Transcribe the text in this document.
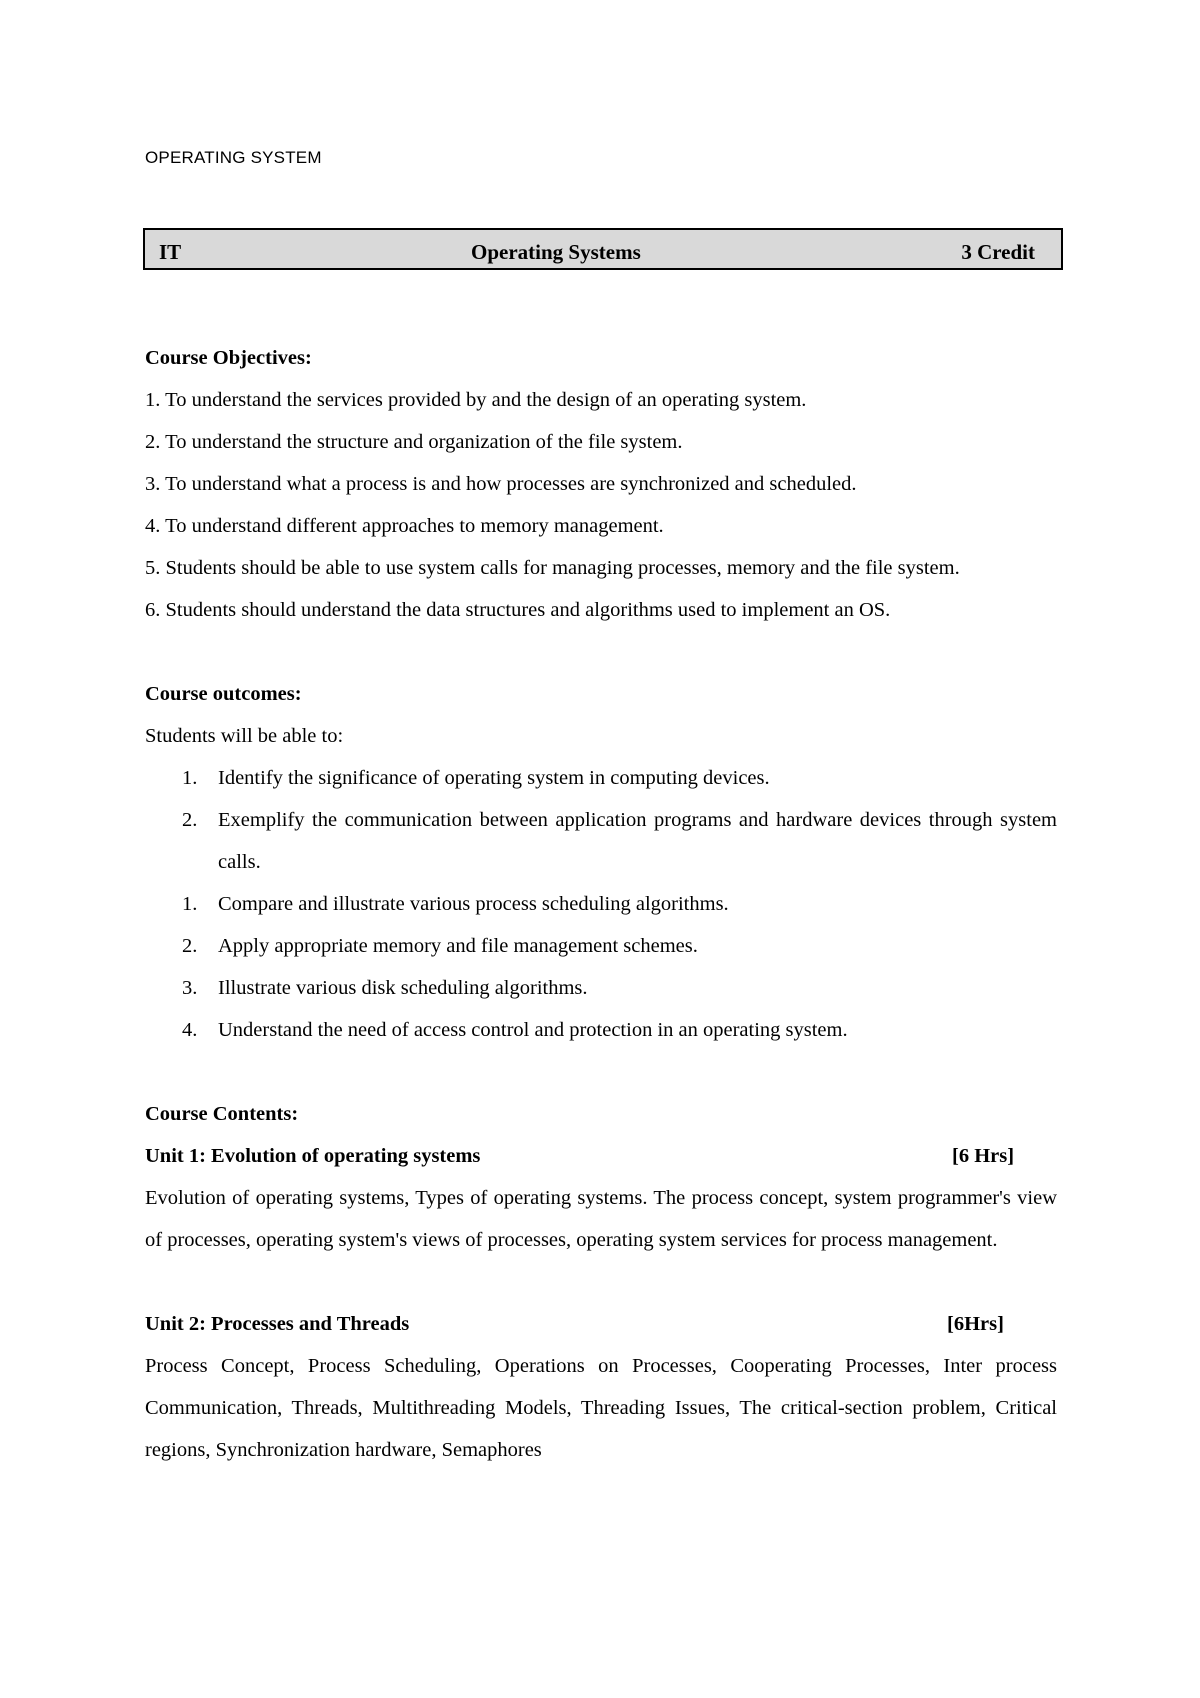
OPERATING SYSTEM
IT	Operating Systems	3 Credit

Course Objectives:

1. To understand the services provided by and the design of an operating system.

2. To understand the structure and organization of the file system.

3. To understand what a process is and how processes are synchronized and scheduled.

4. To understand different approaches to memory management.

5. Students should be able to use system calls for managing processes, memory and the file system.

6. Students should understand the data structures and algorithms used to implement an OS.

Course outcomes:

Students will be able to:

1. Identify the significance of operating system in computing devices.
2. Exemplify the communication between application programs and hardware devices through system calls.
1. Compare and illustrate various process scheduling algorithms.
2. Apply appropriate memory and file management schemes.
3. Illustrate various disk scheduling algorithms.
4. Understand the need of access control and protection in an operating system.

Course Contents:

Unit 1: Evolution of operating systems	[6 Hrs]

Evolution of operating systems, Types of operating systems. The process concept, system programmer's view of processes, operating system's views of processes, operating system services for process management.

Unit 2: Processes and Threads	[6Hrs]

Process Concept, Process Scheduling, Operations on Processes, Cooperating Processes, Inter process Communication, Threads, Multithreading Models, Threading Issues, The critical-section problem, Critical regions, Synchronization hardware, Semaphores
